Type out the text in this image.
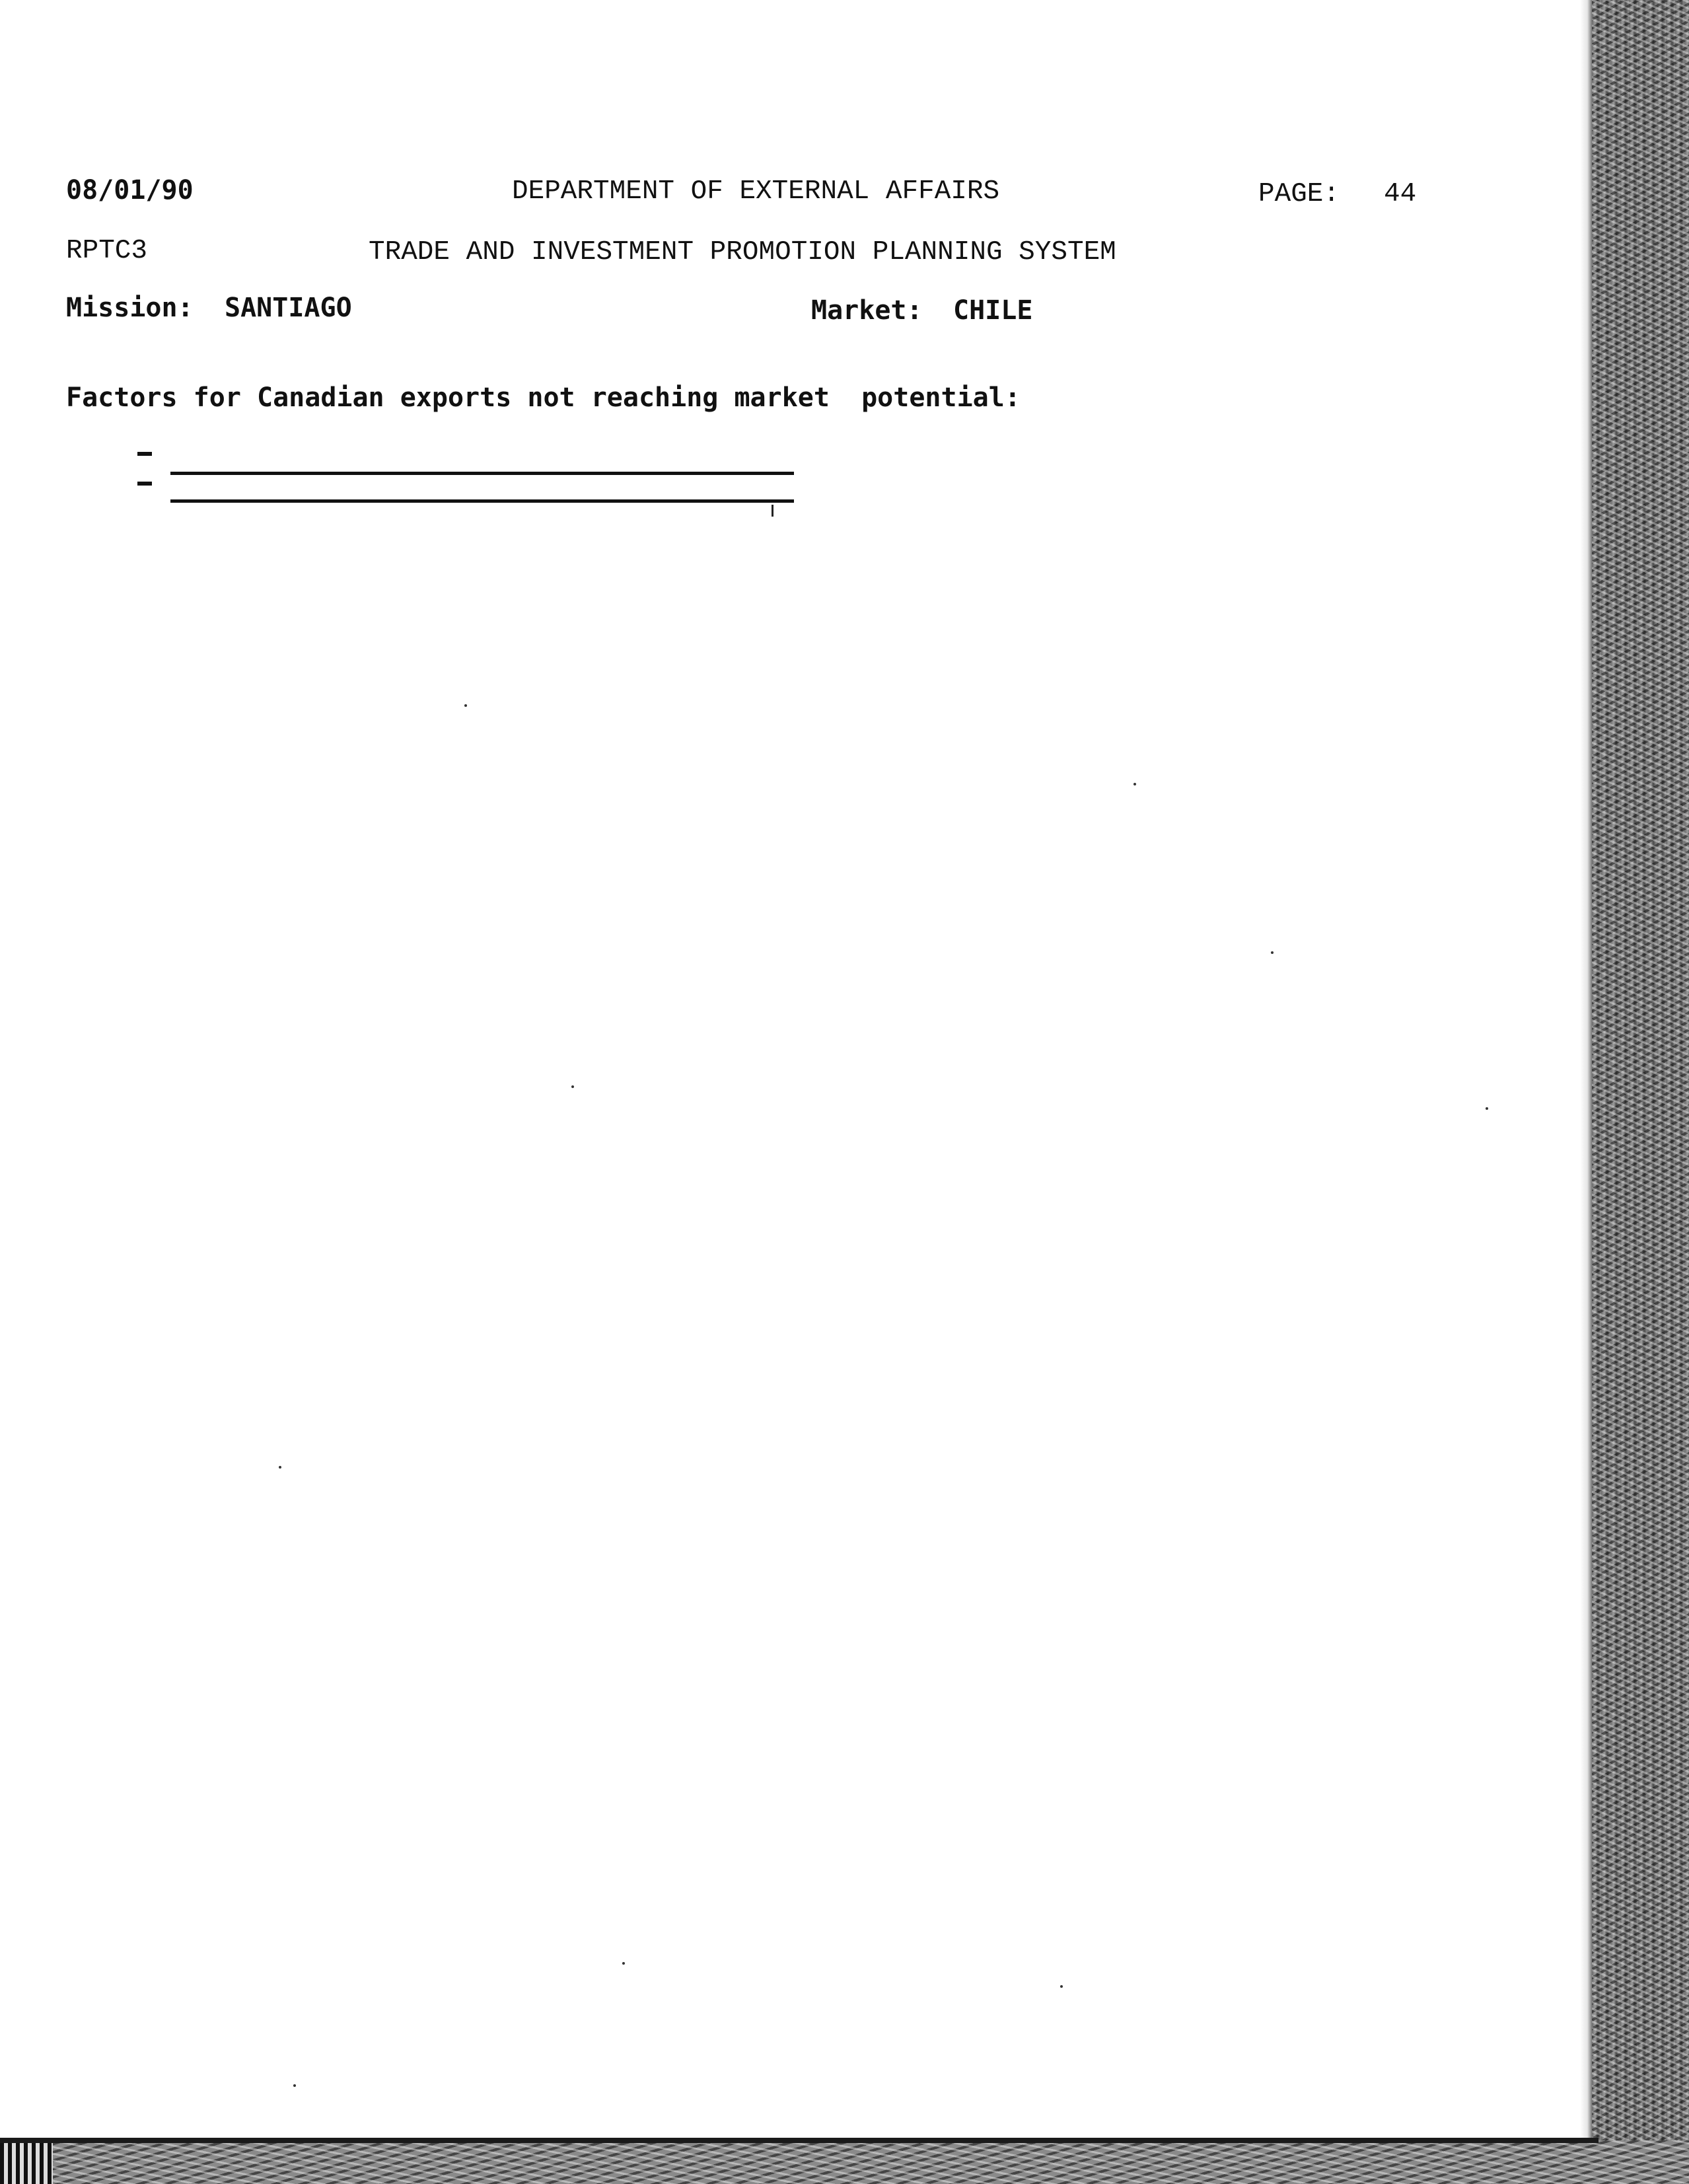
08/01/90	DEPARTMENT OF EXTERNAL AFFAIRS	PAGE: 44
RPTC3	TRADE AND INVESTMENT PROMOTION PLANNING SYSTEM
Mission: SANTIAGO	Market: CHILE
Factors for Canadian exports not reaching market  potential:
